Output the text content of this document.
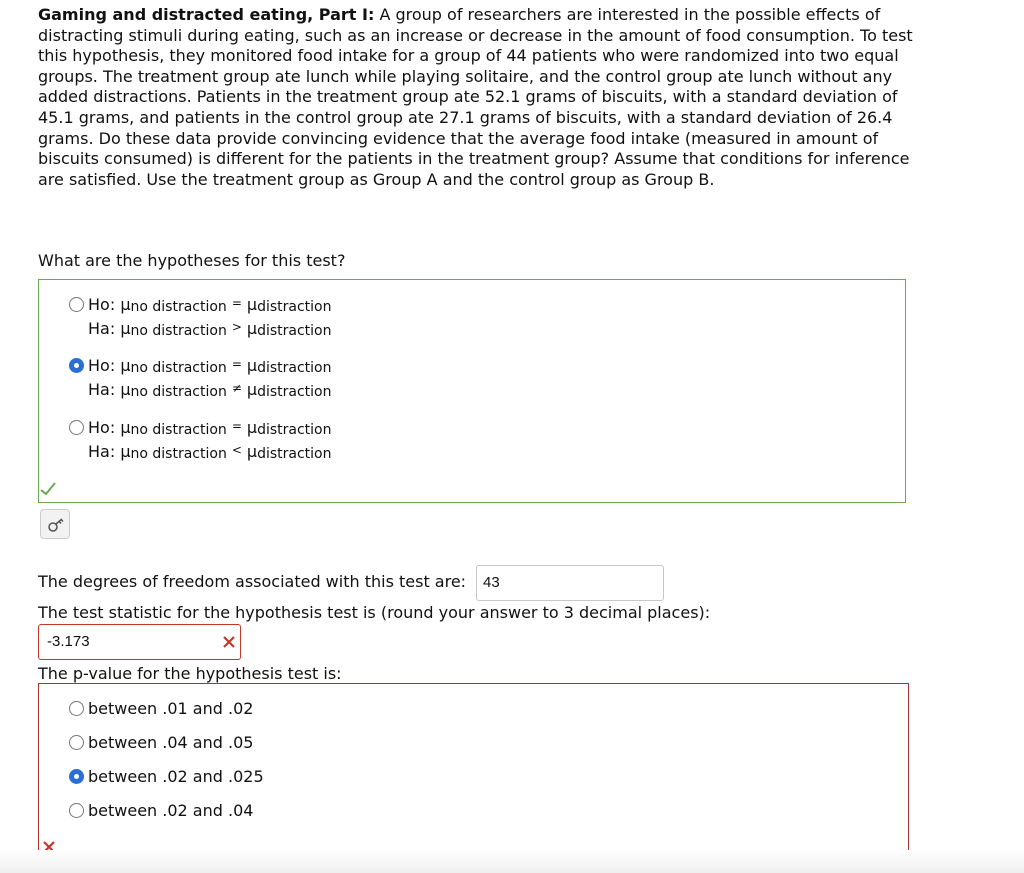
Gaming and distracted eating, Part I: A group of researchers are interested in the possible effects of distracting stimuli during eating, such as an increase or decrease in the amount of food consumption. To test this hypothesis, they monitored food intake for a group of 44 patients who were randomized into two equal groups. The treatment group ate lunch while playing solitaire, and the control group ate lunch without any added distractions. Patients in the treatment group ate 52.1 grams of biscuits, with a standard deviation of 45.1 grams, and patients in the control group ate 27.1 grams of biscuits, with a standard deviation of 26.4 grams. Do these data provide convincing evidence that the average food intake (measured in amount of biscuits consumed) is different for the patients in the treatment group? Assume that conditions for inference are satisfied. Use the treatment group as Group A and the control group as Group B.
What are the hypotheses for this test?
Ho:
μ no distraction = μ distraction
Ha:
μ no distraction > μ distraction
Ho:
μ no distraction = μ distraction
Ha:
μ no distraction ≠ μ distraction
Ho:
μ no distraction = μ distraction
Ha:
μ no distraction < μ distraction
The degrees of freedom associated with this test are:	43
The test statistic for the hypothesis test is (round your answer to 3 decimal places):
-3.173
The p-value for the hypothesis test is:
between .01 and .02
between .04 and .05
between .02 and .025
between .02 and .04
